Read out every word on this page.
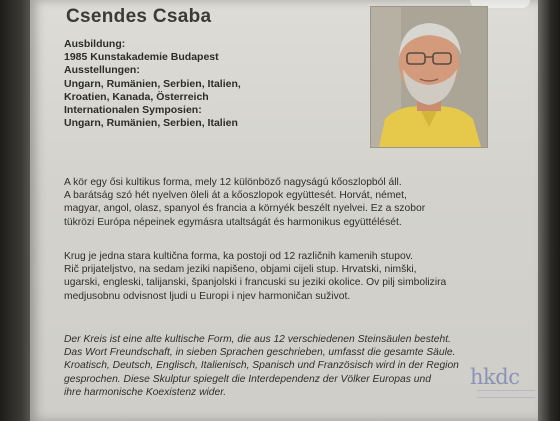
Csendes Csaba
Ausbildung:
1985 Kunstakademie Budapest
Ausstellungen:
Ungarn, Rumänien, Serbien, Italien,
Kroatien, Kanada, Österreich
Internationalen Symposien:
Ungarn, Rumänien, Serbien, Italien
A kör egy ősi kultikus forma, mely 12 különböző nagyságú kőoszlopból áll.
A barátság szó hét nyelven öleli át a kőoszlopok együttesét. Horvát, német,
magyar, angol, olasz, spanyol és francia a környék beszélt nyelvei. Ez a szobor
tükrözi Európa népeinek egymásra utaltságát és harmonikus együttélését.
Krug je jedna stara kultična forma, ka postoji od 12 različnih kamenih stupov.
Rič prijateljstvo, na sedam jeziki napišeno, objami cijeli stup. Hrvatski, nimški,
ugarski, engleski, talijanski, španjolski i francuski su jeziki okolice. Ov pilj simbolizira
medjusobnu odvisnost ljudi u Europi i njev harmoničan suživot.
Der Kreis ist eine alte kultische Form, die aus 12 verschiedenen Steinsäulen besteht.
Das Wort Freundschaft, in sieben Sprachen geschrieben, umfasst die gesamte Säule.
Kroatisch, Deutsch, Englisch, Italienisch, Spanisch und Französisch wird in der Region
gesprochen. Diese Skulptur spiegelt die Interdependenz der Völker Europas und
ihre harmonische Koexistenz wider.
hkdc
